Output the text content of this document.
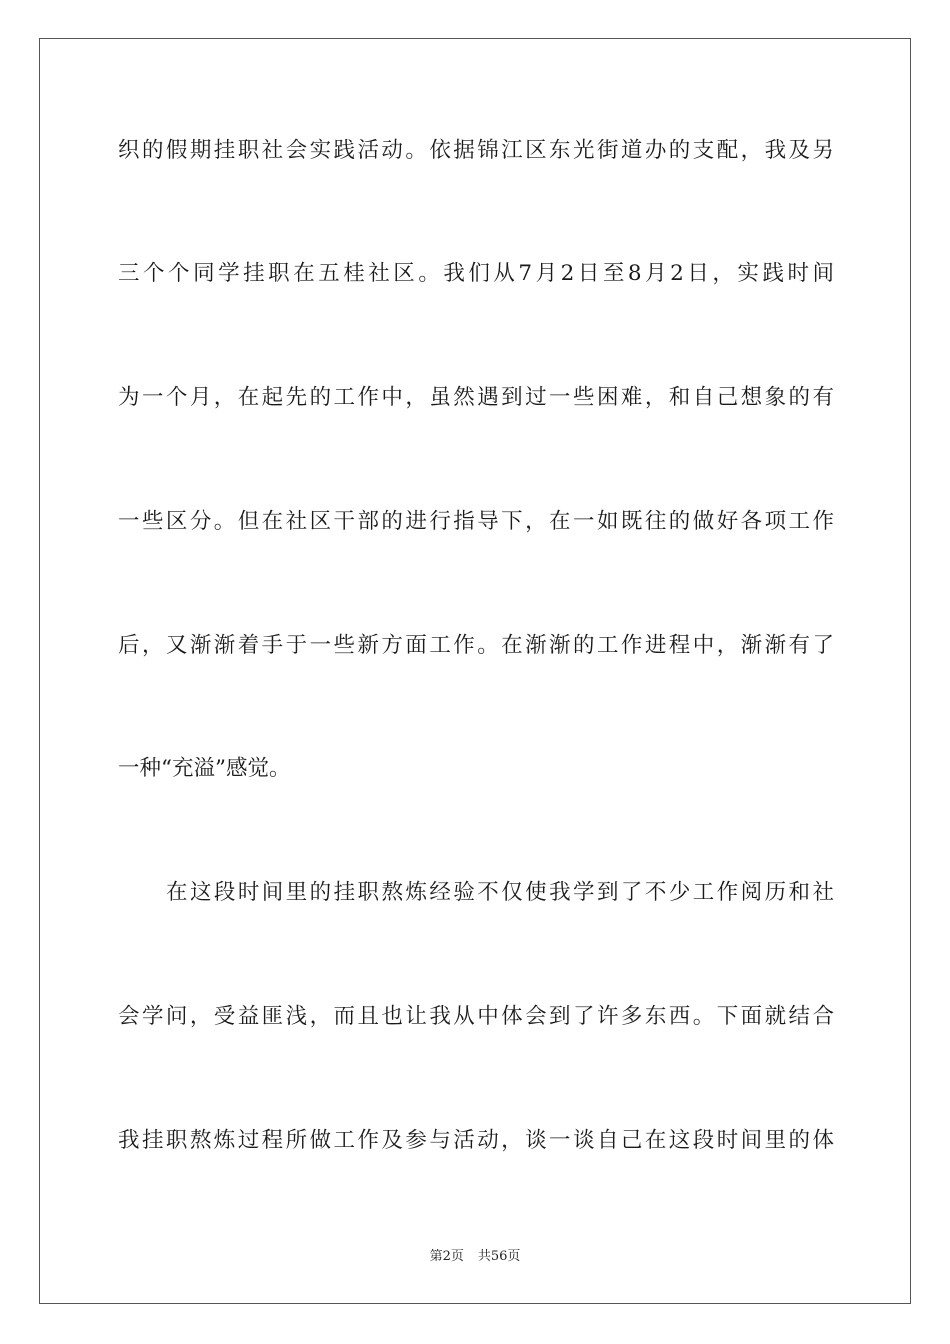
织的假期挂职社会实践活动。依据锦江区东光街道办的支配，我及另
三个个同学挂职在五桂社区。我们从7月2日至8月2日，实践时间
为一个月，在起先的工作中，虽然遇到过一些困难，和自己想象的有
一些区分。但在社区干部的进行指导下，在一如既往的做好各项工作
后，又渐渐着手于一些新方面工作。在渐渐的工作进程中，渐渐有了
一种“充溢”感觉。
在这段时间里的挂职熬炼经验不仅使我学到了不少工作阅历和社
会学问，受益匪浅，而且也让我从中体会到了许多东西。下面就结合
我挂职熬炼过程所做工作及参与活动，谈一谈自己在这段时间里的体
第2页 共56页
